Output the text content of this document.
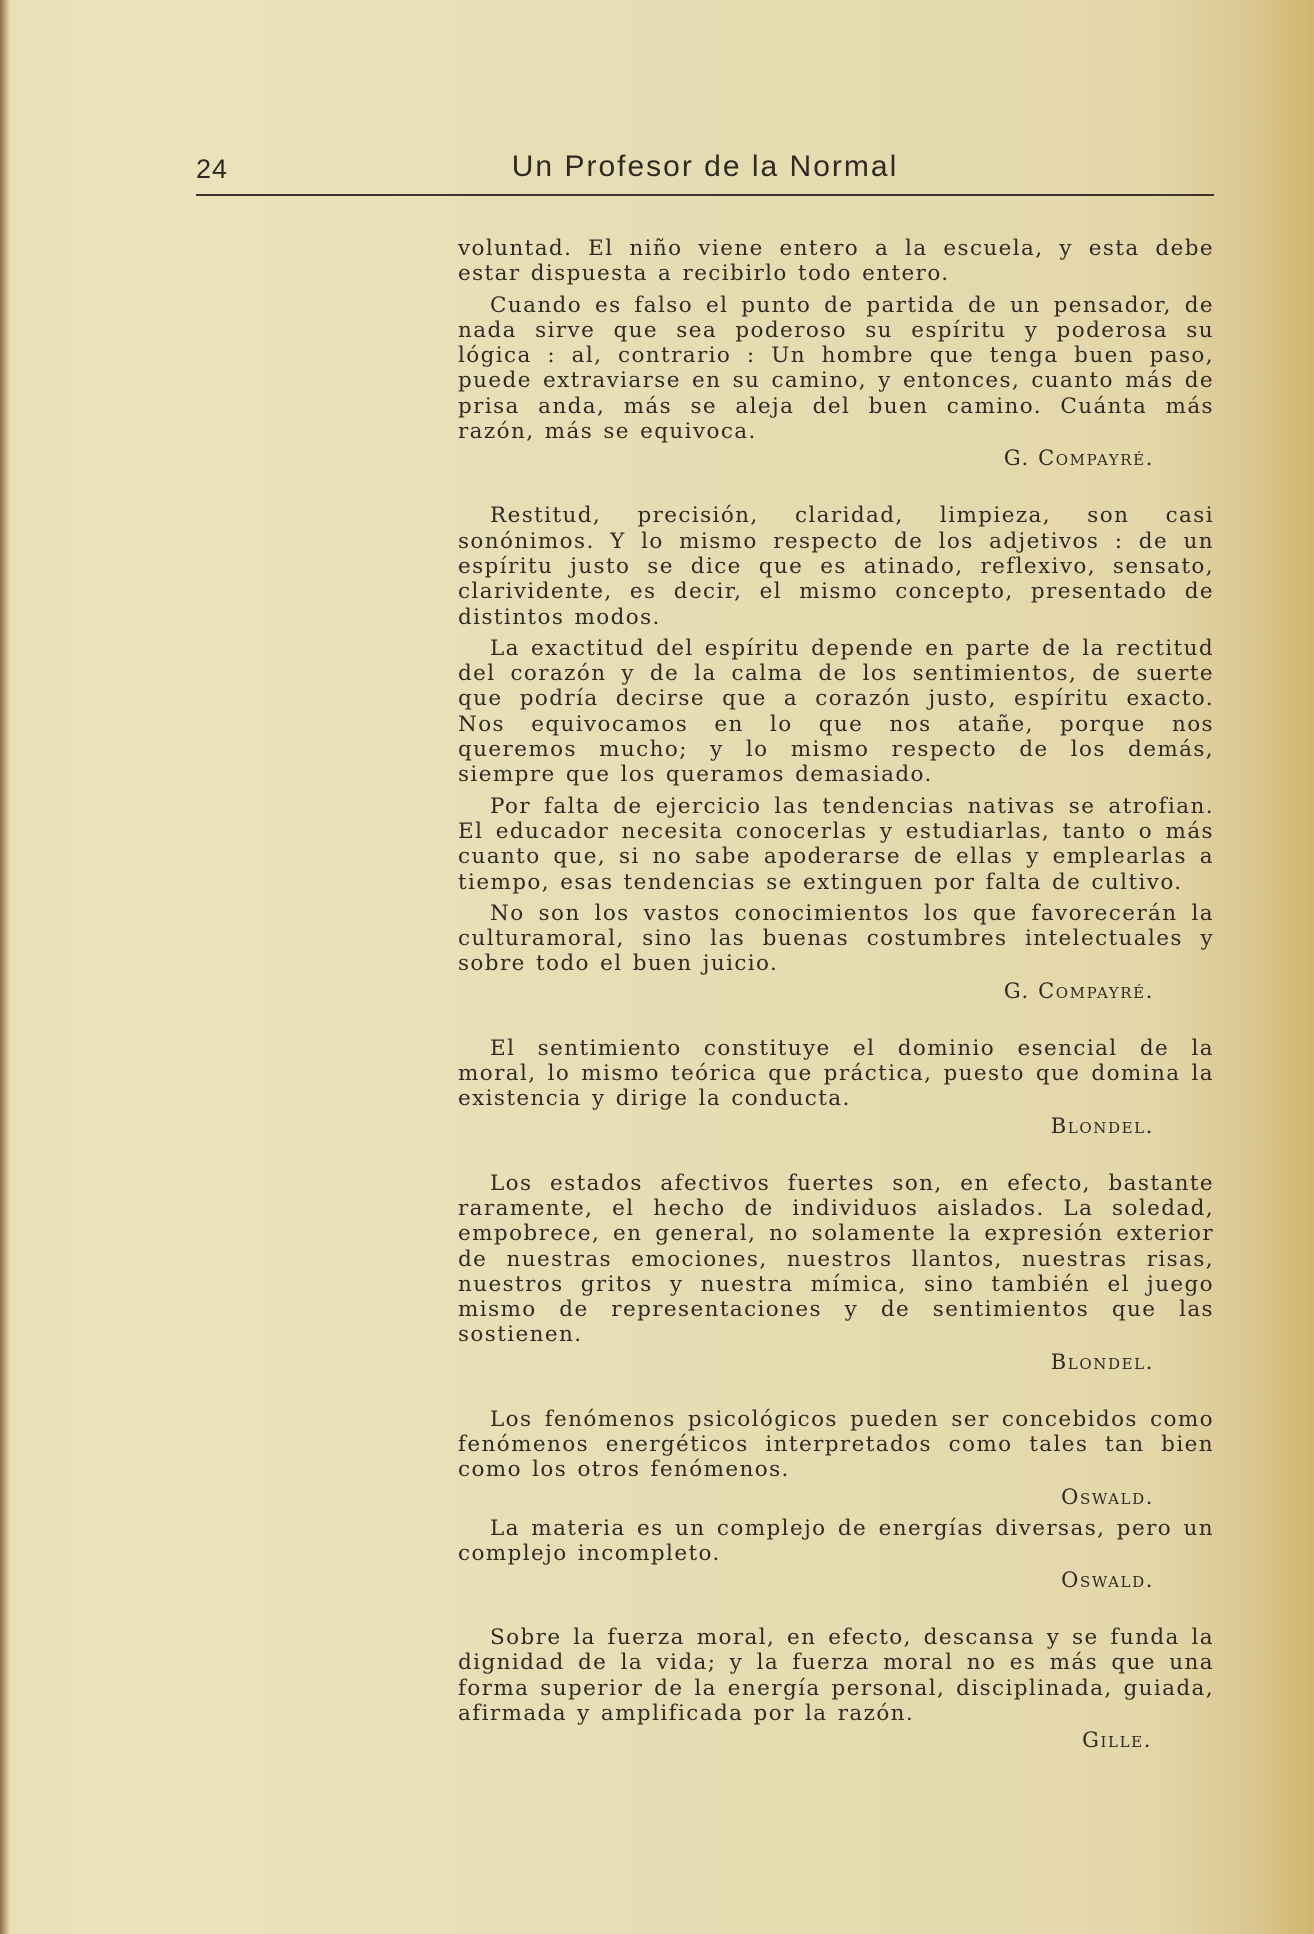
24	Un Profesor de la Normal

voluntad. El niño viene entero a la escuela, y esta debe estar dispuesta a recibirlo todo entero.

Cuando es falso el punto de partida de un pensador, de nada sirve que sea poderoso su espíritu y poderosa su lógica : al, contrario : Un hombre que tenga buen paso, puede extraviarse en su camino, y entonces, cuanto más de prisa anda, más se aleja del buen camino. Cuánta más razón, más se equivoca.

G. Compayré.

Restitud, precisión, claridad, limpieza, son casi sonónimos. Y lo mismo respecto de los adjetivos : de un espíritu justo se dice que es atinado, reflexivo, sensato, clarividente, es decir, el mismo concepto, presentado de distintos modos.

La exactitud del espíritu depende en parte de la rectitud del corazón y de la calma de los sentimientos, de suerte que podría decirse que a corazón justo, espíritu exacto. Nos equivocamos en lo que nos atañe, porque nos queremos mucho; y lo mismo respecto de los demás, siempre que los queramos demasiado.

Por falta de ejercicio las tendencias nativas se atrofian. El educador necesita conocerlas y estudiarlas, tanto o más cuanto que, si no sabe apoderarse de ellas y emplearlas a tiempo, esas tendencias se extinguen por falta de cultivo.

No son los vastos conocimientos los que favorecerán la culturamoral, sino las buenas costumbres intelectuales y sobre todo el buen juicio.

G. Compayré.

El sentimiento constituye el dominio esencial de la moral, lo mismo teórica que práctica, puesto que domina la existencia y dirige la conducta.

Blondel.

Los estados afectivos fuertes son, en efecto, bastante raramente, el hecho de individuos aislados. La soledad, empobrece, en general, no solamente la expresión exterior de nuestras emociones, nuestros llantos, nuestras risas, nuestros gritos y nuestra mímica, sino también el juego mismo de representaciones y de sentimientos que las sostienen.

Blondel.

Los fenómenos psicológicos pueden ser concebidos como fenómenos energéticos interpretados como tales tan bien como los otros fenómenos.

Oswald.

La materia es un complejo de energías diversas, pero un complejo incompleto.

Oswald.

Sobre la fuerza moral, en efecto, descansa y se funda la dignidad de la vida; y la fuerza moral no es más que una forma superior de la energía personal, disciplinada, guiada, afirmada y amplificada por la razón.

Gille.
